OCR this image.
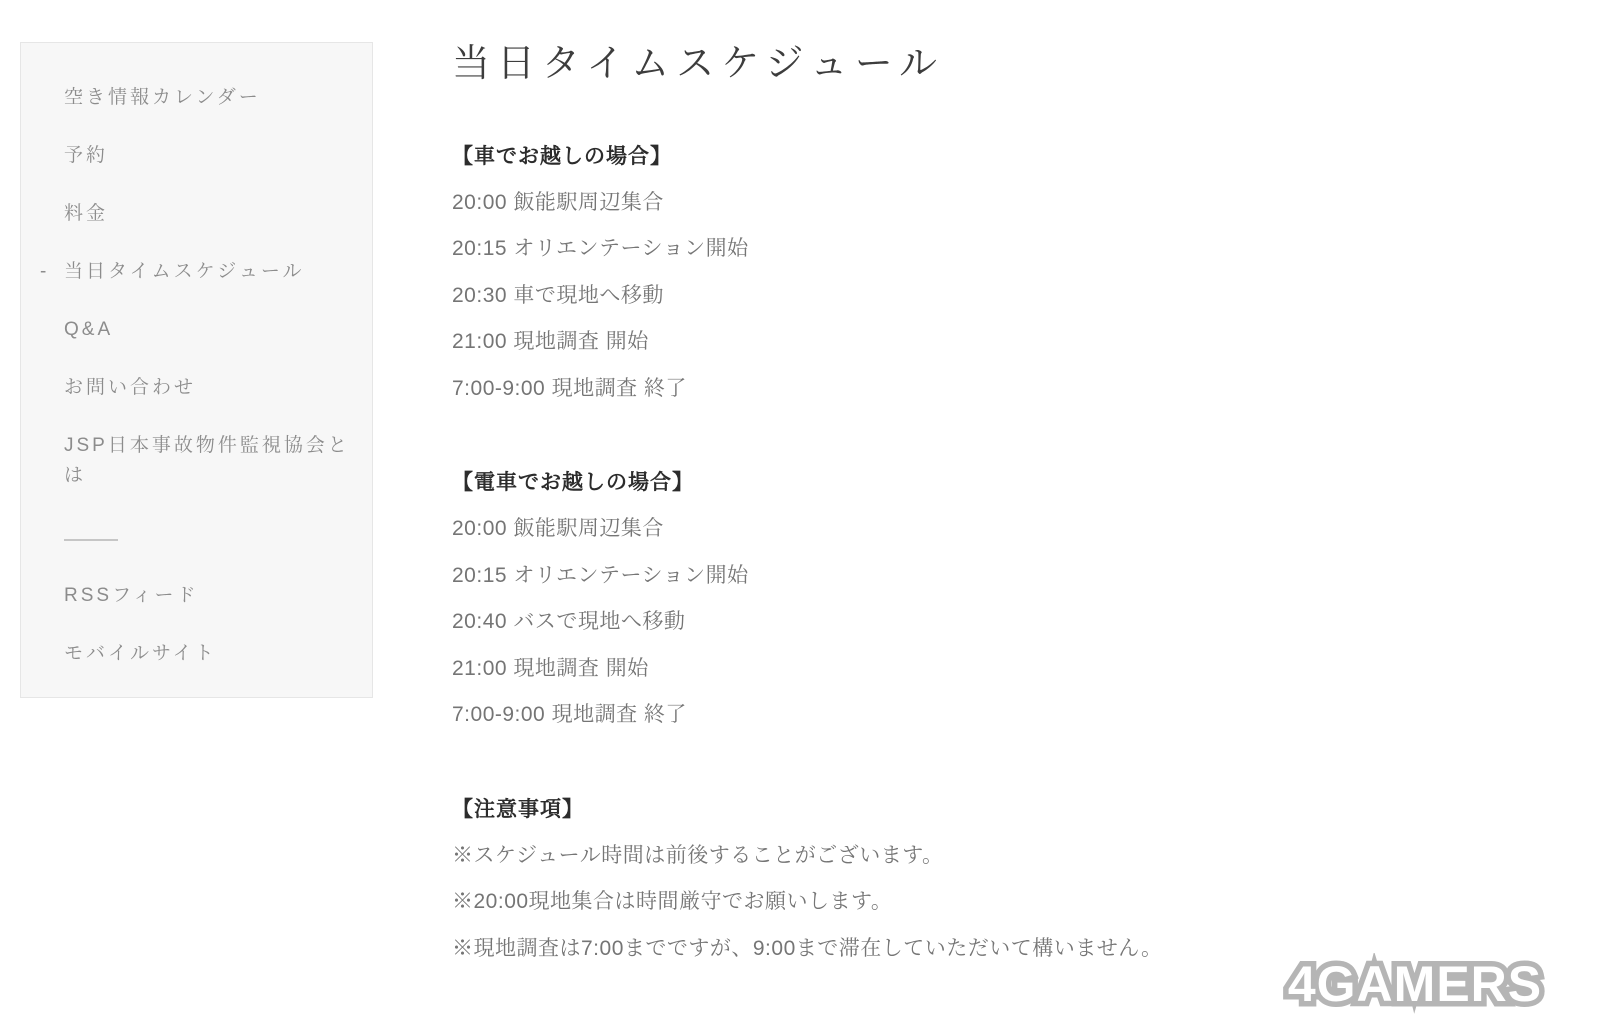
空き情報カレンダー
予約
料金
- 当日タイムスケジュール
Q&A
お問い合わせ
JSP日本事故物件監視協会とは
RSSフィード
モバイルサイト
当日タイムスケジュール
【車でお越しの場合】

20:00 飯能駅周辺集合

20:15 オリエンテーション開始

20:30 車で現地へ移動

21:00 現地調査 開始

7:00-9:00 現地調査 終了

【電車でお越しの場合】

20:00 飯能駅周辺集合

20:15 オリエンテーション開始

20:40 バスで現地へ移動

21:00 現地調査 開始

7:00-9:00 現地調査 終了

【注意事項】

※スケジュール時間は前後することがございます。

※20:00現地集合は時間厳守でお願いします。

※現地調査は7:00までですが、9:00まで滞在していただいて構いません。

4GAMERS
